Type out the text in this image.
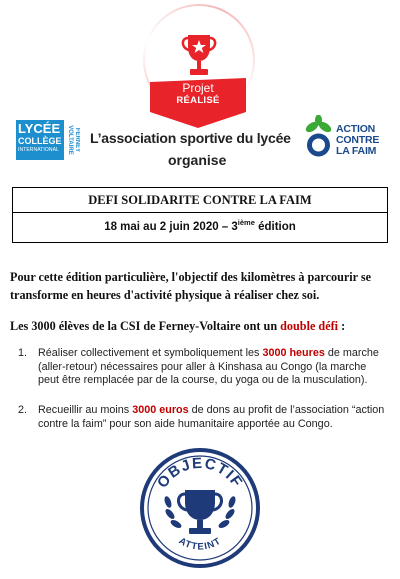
Projet
RÉALISÉ
LYCÉE
COLLÈGE
INTERNATIONAL	FERNEY VOLTAIRE	L’association sportive du lycée
organise
ACTION
CONTRE
LA FAIM
DEFI SOLIDARITE CONTRE LA FAIM
18 mai au 2 juin 2020 – 3ième édition
Pour cette édition particulière, l'objectif des kilomètres à parcourir se transforme en heures d'activité physique à réaliser chez soi.
Les 3000 élèves de la CSI de Ferney-Voltaire ont un double défi :
1. Réaliser collectivement et symboliquement les 3000 heures de marche (aller-retour) nécessaires pour aller à Kinshasa au Congo (la marche peut être remplacée par de la course, du yoga ou de la musculation).
2. Recueillir au moins 3000 euros de dons au profit de l’association “action contre la faim” pour son aide humanitaire apportée au Congo.
OBJECTIF
ATTEINT
